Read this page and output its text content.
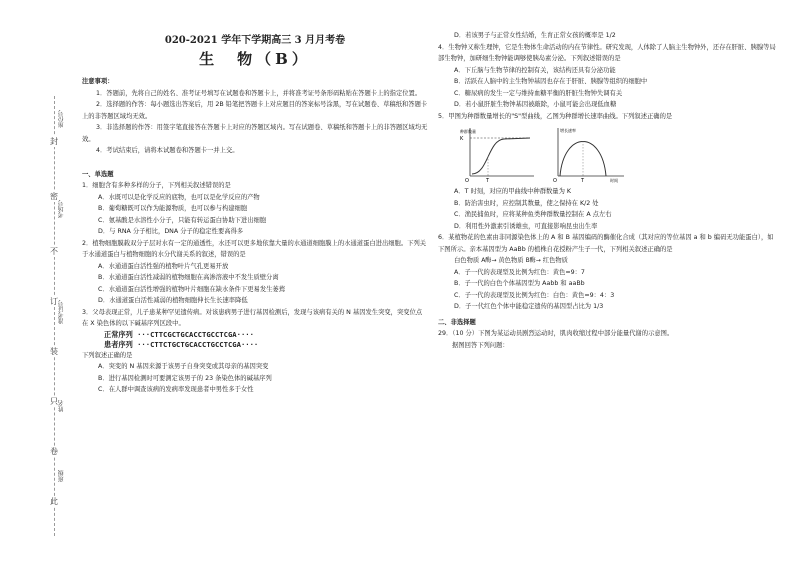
封
密
不
订
装
只
卷
此
座位号
考场号
准考证号
姓名
班级
020-2021 学年下学期高三 3 月月考卷
生　物（B）
注意事项：
1．答题前，先将自己的姓名、准考证号填写在试题卷和答题卡上，并将准考证号条形码粘贴在答题卡上的指定位置。
2．选择题的作答：每小题选出答案后，用 2B 铅笔把答题卡上对应题目的答案标号涂黑，写在试题卷、草稿纸和答题卡上的非答题区域均无效。
3．非选择题的作答：用签字笔直接答在答题卡上对应的答题区域内。写在试题卷、草稿纸和答题卡上的非答题区域均无效。
4．考试结束后，请将本试题卷和答题卡一并上交。
一、单选题
1．细胞含有多种多样的分子，下列相关叙述错误的是
A．水既可以是化学反应的底物，也可以是化学反应的产物
B．葡萄糖既可以作为能源物质，也可以参与构建细胞
C．氨基酸是水溶性小分子，只能有转运蛋白协助下进出细胞
D．与 RNA 分子相比，DNA 分子的稳定性要高得多
2．植物细胞膜载双分子层对水有一定的通透性，水还可以更多地依靠大量的水通道细胞膜上的水通道蛋白进出细胞。下列关于水通道蛋白与植物细胞的水分代谢关系的叙述，错误的是
A．水通道蛋白活性强的植物叶片气孔更易开放
B．水通道蛋白活性减弱的植物细胞在高渗溶液中不发生质壁分离
C．水通道蛋白活性增强的植物叶片细胞在缺水条件下更易发生萎蔫
D．水通道蛋白活性减弱的植物细胞伸长生长速率降低
3．父母表现正常，儿子患某种罕见遗传病。对该患病男子进行基因检测后，发现与该病有关的 N 基因发生突变，突变位点在 X 染色体的以下碱基序列区段中。
正常序列 ···CTTCGCTGCACCTGCCTCGA····
患者序列 ···CTTCTGCTGCACCTGCCTCGA····
下列叙述正确的是
A．突变的 N 基因来源于该男子自身突变或其母亲的基因突变
B．进行基因检测时可要测定该男子的 23 条染色体的碱基序列
C．在人群中调查该病的发病率发现患者中男性多于女性
D．若该男子与正常女性结婚，生育正常女孩的概率是 1/2
4．生物钟又称生理钟，它是生物体生命活动的内在节律性。研究发现，人体除了人脑主生物钟外，还存在肝脏、胰腺等局部生物钟，加研细生物钟能调够使胰岛素分泌。下列叙述错误的是
A．下丘脑与生物节律的控制有关，该结构还具有分泌功能
B．活跃在人脑中的主生物钟基因也存在于肝脏、胰腺等组织的细胞中
C．糖尿病的发生一定与维持血糖平衡的肝脏生物钟失调有关
D．若小鼠肝脏生物钟基因被敲除，小鼠可能会出现低血糖
5．甲图为种群数量增长的"S"型曲线，乙图为种群增长速率曲线。下列叙述正确的是
K
种群数量
T
O
增长速率
T
O	时间
A．T 时刻，对应的甲曲线中种群数量为 K
B．防治害虫时，应控制其数量，使之保持在 K/2 处
C．渔民捕鱼时，应将某种鱼类种群数量控制在 A 点左右
D．利用性外激素引诱雄虫，可直接影响昆虫出生率
6．某植物花的色素由非同源染色体上的 A 和 B 基因编码的酶催化合成（其对应的等位基因 a 和 b 编码无功能蛋白），如下图所示。亲本基因型为 AaBb 的植株自花授粉产生子一代，下列相关叙述正确的是
白色物质 A酶→ 黄色物质 B酶→ 红色物质
A．子一代的表现型及比例为红色：黄色=9：7
B．子一代的白色个体基因型为 Aabb 和 aaBb
C．子一代的表现型及比例为红色：白色：黄色=9：4：3
D．子一代红色个体中能稳定遗传的基因型占比为 1/3
二、非选择题
29．（10 分）下图为某运动员剧烈运动时，肌肉收缩过程中部分能量代谢的示意图。
据图回答下列问题：
